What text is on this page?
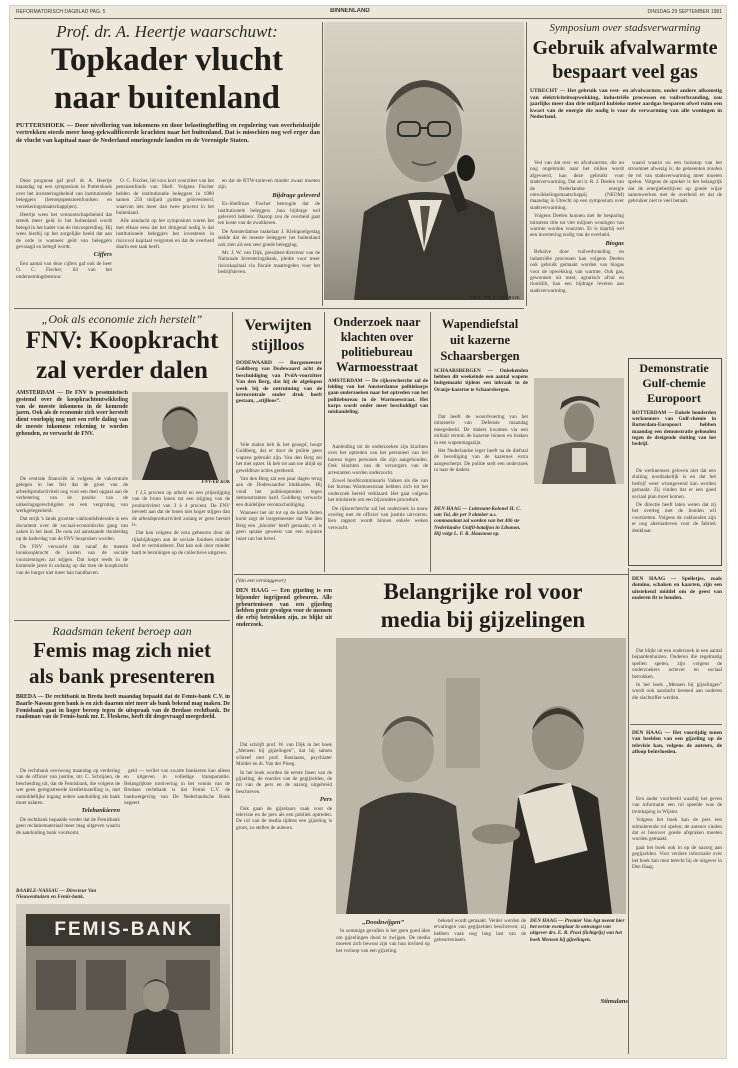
REFORMATORISCH DAGBLAD PAG. 5	BINNENLAND	DINSDAG 29 SEPTEMBER 1981
Prof. dr. A. Heertje waarschuwt:
Topkader vlucht
naar buitenland
PUTTERSHOEK — Door nivellering van inkomens en door belastingheffing en regulering van overheidszijde vertrekken steeds meer hoog-gekwalificeerde krachten naar het buitenland. Dat is misschien nog wel erger dan de vlucht van kapitaal naar de Nederland omringende landen en de Verenigde Staten.

Deze prognose gaf prof. dr. A. Heertje maandag op een symposium in Puttershoek over het investeringsbeleid van institutionele beleggers (beroepspensioenfondsen en verzekeringsmaatschappijen).

Heertje wees het vennootschapsbeleid dat steeds meer geld in het buitenland wordt belegd in het kader van de risicospreiding. Hij wees hierbij op het zorgelijke beeld dat aan de orde is wanneer geld van beleggers gevraagd en belegd wordt.

Cijfers

Een aantal van deze cijfers gaf ook de heer O. C. Fischer, lid van het ondernemingsbestuur.

O. C. Fischer, lid voor kort voorzitter van het pensioenfonds van Shell. Volgens Fischer belden de institutionele beleggers in 1980 samen 250 miljard gulden geïnvesteerd, waarvan iets meer dan twee procent in het buitenland.

Alle aandacht op het symposium waren het met elkaar eens dat het dringend nodig is dat institutionele beleggers het investeren in risicovol kapitaal vergroten en dat de overheid daarin een taak heeft.

en dat de BTW-tarieven minder zwaar moeten zijn.

Bijdrage geleverd

Ex-Shellman Fischer betoogde dat de institutionele beleggers ‚hun bijdrage wel geleverd hebben'. Daarop zou de overheid gaat ten koste van de zwakkeren.

De Amsterdamse makelaar J. Kleinpoelgeslag stelde dat de meeste beleggers het buitenland ook zien als een zeer goede belegging.

Mr. J. W. van Dijk, president-directeur van de Nationale Investeringsbank, pleitte voor meer risicokapitaal via fiscale maatregelen voor het bedrijfsleven.

PROF. DR. A. HEERTJE
Symposium over stadsverwarming
Gebruik afvalwarmte
bespaart veel gas
UTRECHT — Het gebruik van rest- en afvalwarmte, onder andere afkomstig van elektriciteitsopwekking, industriële processen en vuilverbranding, zou jaarlijks meer dan drie miljard kubieke meter aardgas besparen ofwel ruim een kwart van de energie die nodig is voor de verwarming van alle woningen in Nederland.

Ved van dat rest- en afvalwarmte, die nu nog ongebruikt naar het milieu wordt afgevoerd, kan deze gebruikt voor stadsverwarming. Dat zei ir. R. J. Deelen van de Nederlandse energie ontwikkelingsmaatschappij (NEOM) maandag in Utrecht op een symposium over stadsverwarming.

Volgens Deelen kunnen met de besparing minstens drie tot vier miljoen woningen van warmte worden voorzien. Er is daarbij wel een investering nodig van de overheid.

Biogas

Behalve door vuilverbranding en industriële processen kan volgens Deelen ook gebruik gemaakt worden van biogas voor de opwekking van warmte. Ook gas, gewonnen uit mest, agrarisch afval en rioolslib, kan een bijdrage leveren aan stadsverwarming.

waard waarin nu een huisstop van het stroomnet afwezig is; de gemeenten zouden de rol van stadsverwarming meer moeten spelen. Volgens de spreker is het belangrijk dat de energiebedrijven op goede wijze samenwerken met de overheid en dat de gebruiker niet te veel betaalt.

„Ook als economie zich herstelt”
FNV: Koopkracht
zal verder dalen
AMSTERDAM — De FNV is pessimistisch gestemd over de koopkrachtontwikkeling van de meeste inkomens in de komende jaren. Ook als de economie zich weer herstelt dient voorlopig nog met een reële daling van de meeste inkomens rekening te worden gehouden, zo verwacht de FNV.
FNV-ER KOK

De centrale financiën in volgens de vakcentrale gelegen in het feit dat de groei van de arbeidsproductiviteit nog voor een deel opgaat aan de verbetering van de positie van de uitkeringsgerechtigden en een vergroting van werkgelegenheid.

Dat strijk 's lands grootste vakbondsfederatie in een document over de sociaal-economische gang van zaken in het land. De nota zal aanstaande donderdag op de kaderdag van de FNV besproken worden.

De FNV verwacht dat vanaf de meeste loonkoopkracht de kosten van de sociale voorzieningen zal stijgen. Dat loopt reeds in de komende jaren in zodanig op dat men de koopkracht van de burger niet meer kan handhaven.

f 2,5 procent op arbeid en een prijsstijging van de bruto lonen tot een stijging van de productiviteit van 3 à 4 procent. De FNV beveelt aan dat de lonen niet hoger stijgen dan de arbeidsproductiviteit zolang er geen herstel is.

Dat kan volgens de nota gebeuren door de rijksbijdragen aan de sociale fondsen minder snel te verminderen. Dat kan ook door minder hard te bezuinigen op de collectieve uitgaven.

Verwijten
stijlloos
DODEWAARD — Burgemeester Goldberg van Dodewaard acht de beschuldiging van PvdA-voorzitter Van den Berg, dat hij de afgelopen week bij de ontruiming van de kerncentrale onder druk heeft gestaan, „stijlloos”.

Vele malen heb ik het gezegd, hoopt Goldberg, dat er door de politie geen wapens gebruikt zijn. Van den Berg zei het met opzet. Ik heb tot aan toe altijd op geweldloze acties gerekend.

Van den Berg zat een paar dagen terug aan de Dodewaardse blokkades. Hij vond het politieoptreden tegen demonstranten hard. Goldberg verwacht een duidelijke verontschuldiging.

Wanneer het uit tot op de harde feiten komt zegt de burgemeester dat Van den Berg een „blunder' heeft gemaakt; er is geen sprake geweest van een onjuiste inzet van het bevel.

Onderzoek naar
klachten over
politiebureau
Warmoesstraat
AMSTERDAM — De rijksrecherche zal de leiding van het Amsterdamse politiekorps gaan onderzoeken naar het optreden van het politiebureau in de Warmoesstraat. Het korps wordt onder meer beschuldigd van mishandeling.

Aanleiding tot de onderzoeken zijn klachten over het optreden van het personeel van het bureau tegen personen die zijn aangehouden. Ook klachten van de verzorgers van de arrestanten worden onderzocht.

Zowel hoofdcommissaris Valken als die van het bureau Warmoesstraat hebben zich tot het onderzoek bereid verklaard. Het gaat volgens het ministerie om een bijzondere procedure.

De rijksrecherche zal het onderzoek in nauw overleg met de officier van justitie uitvoeren. Een rapport wordt binnen enkele weken verwacht.

Wapendiefstal
uit kazerne
Schaarsbergen
SCHAARSBERGEN — Onbekenden hebben dit weekeinde een aantal wapens buitgemaakt tijdens een inbraak in de Oranje-kazerne te Schaarsbergen.

Dat heeft de woordvoering van het ministerie van Defensie maandag meegedeeld. De daders kwamen via een militair terrein de kazerne binnen en braken in een wapenmagazijn.

Het Nederlandse leger heeft na de diefstal de beveiliging van de kazernes extra aangescherpt. De politie stelt een onderzoek in naar de daders.

DEN HAAG — Luitenant-Kolonel H. C. van Tol, die per 9 oktober a.s. commandant zal worden van het 406 ste Nederlandse Unifil-bataljon in Libanon. Hij volgt L. F. R. Haasnoot op.
Demonstratie
Gulf-chemie
Europoort
ROTTERDAM — Enkele honderden werknemers van Gulf-chemie in Rotterdam-Europoort hebben maandag een demonstratie gehouden tegen de dreigende sluiting van het bedrijf.

De werknemers geloven niet dat een sluiting noodzakelijk is en dat het bedrijf weer winstgevend kan worden gemaakt. Zij vinden dat er een goed sociaal plan moet komen.

De directie heeft laten weten dat zij het overleg met de bonden wil voortzetten. Volgens de vakbonden zijn er nog alternatieven voor de fabriek denkbaar.

Raadsman tekent beroep aan
Femis mag zich niet
als bank presenteren
BREDA — De rechtbank in Breda heeft maandag bepaald dat de Femis-bank C.V. in Baarle-Nassau geen bank is en zich daarom niet meer als bank bekend mag maken. De Femisbank gaat in hoger beroep tegen de uitspraak van de Bredase rechtbank. De raadsman van de Femis-bank mr. E. Fleskens, heeft dit desgevraagd meegedeeld.

De rechtbank overwoog maandag op verdering van de officier van justitie, mr. C. Schrijnen, de bescheiding uit, dat de Femisbank, die volgens de wet geen geregistreerde kredietinstelling is, met onmiddellijke ingang iedere aanduiding als bank moet nalaten.

Telebankieren

De rechtbank bepaalde verder dat de Femisbank geen reclamemateriaal meer mag uitgeven waarin de aanduiding bank voorkomt.

geld — verliet van zwarte bankieren kan alleen en uitgeven in volledige transparantie. Belangrijkste motivering in het vonnis van de Bredase rechtbank is dat Femis C.V. de bankwetgeving van De Nederlandsche Bank negeert.

BAARLE-NASSAU — Directeur Van Nieuwenhuizen en Femis-bank.
FEMIS-BANK
(Van een verslaggever)
DEN HAAG — Een gijzeling is een bijzonder ingrijpend gebeuren. Alle gebeurtenissen van een gijzeling hebben grote gevolgen voor de mensen die erbij betrokken zijn, zo blijkt uit onderzoek.

Dat schrijft prof. W. van Dijk in het boek „Mensen bij gijzelingen”, dat hij samen schreef met prof. Bastiaans, psychiater Mulder en dr. Van der Ploeg.

In het boek worden de eerste fasen van de gijzeling, de reacties van de gegijzelden, de rol van de pers en de nazorg uitgebreid beschreven.

Pers

Ook gaan de gijzelaars vaak voor de televisie en de pers als een publiek optreden. De rol van de media tijdens een gijzeling is groot, zo stellen de auteurs.

Belangrijke rol voor
media bij gijzelingen
„Doodzwijgen”

In sommige gevallen is het geen goed idee om gijzelingen dood te zwijgen. De media moeten zich bewust zijn van hun invloed op het verloop van een gijzeling.

DEN HAAG — Premier Van Agt neemt hier het eerste exemplaar in ontvangst van uitgever drs. E. R. Prasi (lichtgrijs) van het boek Mensen bij gijzelingen.

bekend wordt gemaakt. Verder worden de ervaringen van gegijzelden beschreven; zij hebben vaak nog lang last van de gebeurtenissen.

Stimulans
DEN HAAG — Spelletjes, zoals domino, schaken en kaarten, zijn een uitstekend middel om de geest van ouderen fit te houden.

Dat blijkt uit een onderzoek in een aantal bejaardenhuizen. Ouderen die regelmatig spellen spelen, zijn volgens de onderzoekers actiever en sociaal betrokken.

In het boek „Mensen bij gijzelingen” wordt ook aandacht besteed aan ouderen die slachtoffer werden.

DEN HAAG — Het voortijdig tonen van beelden van een gijzeling op de televisie kan, volgens de auteurs, de afloop beïnvloeden.

Een ander voorbeeld waarbij het geven van informatie een rol speelde was de treinkaping in Wijster.

Volgens het boek kan de pers een stimulerende rol spelen; de auteurs vinden dat er hierover goede afspraken moeten worden gemaakt.

gaat het boek ook in op de nazorg aan gegijzelden. Voor verdere informatie over het boek kan men terecht bij de uitgever in Den Haag.
